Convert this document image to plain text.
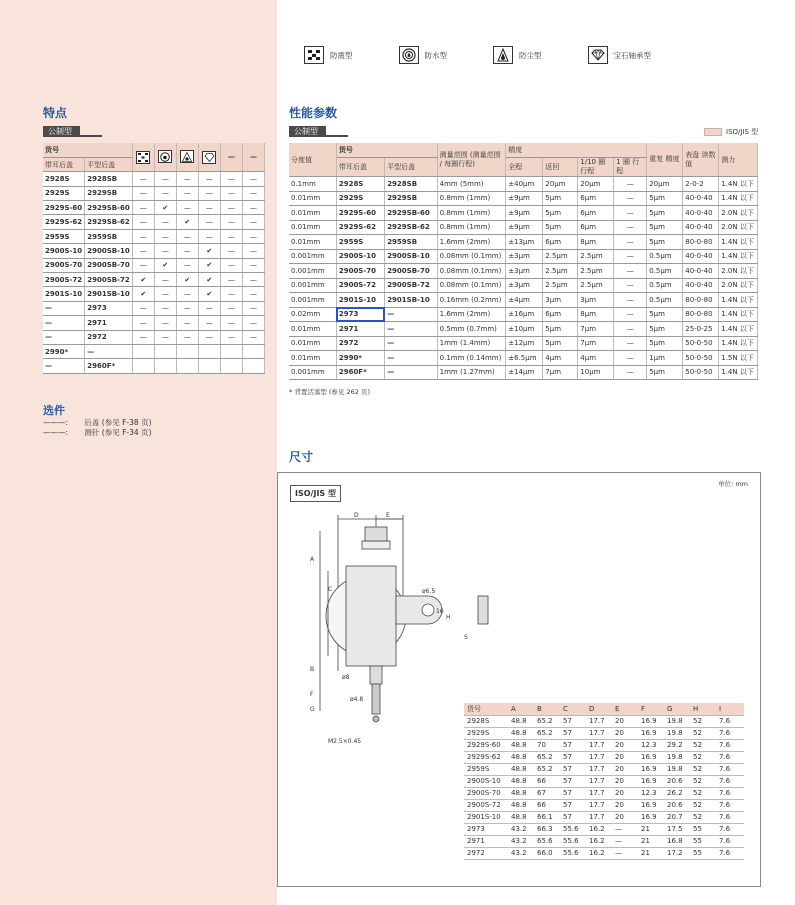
防震型	防水型	防尘型	宝石轴承型
特点
公制型
货号						—	—
带耳后盖	平型后盖						
2928S	2928SB	—	—	—	—	—	—
2929S	2929SB	—	—	—	—	—	—
2929S-60	2929SB-60	—	✔	—	—	—	—
2929S-62	2929SB-62	—	—	✔	—	—	—
2959S	2959SB	—	—	—	—	—	—
2900S-10	2900SB-10	—	—	—	✔	—	—
2900S-70	2900SB-70	—	✔	—	✔	—	—
2900S-72	2900SB-72	✔	—	✔	✔	—	—
2901S-10	2901SB-10	✔	—	—	✔	—	—
—	2973	—	—	—	—	—	—
—	2971	—	—	—	—	—	—
—	2972	—	—	—	—	—	—
2990*	—						
—	2960F*						
选件
———: 后盖 (参见 F-38 页)
———: 测针 (参见 F-34 页)
性能参数
公制型	ISO/JIS 型
分度值	货号		测量范围 (测量范围 / 每圈行程)	精度				重复 精度	表盘 读数值	测力
	带耳后盖	平型后盖		全程	返回	1/10 圈 行程	1 圈 行程			

0.1mm	2928S	2928SB	4mm (5mm)	±40μm	20μm	20μm	—	20μm	2-0-2	1.4N 以下
0.01mm	2929S	2929SB	0.8mm (1mm)	±9μm	5μm	6μm	—	5μm	40-0-40	1.4N 以下
0.01mm	2929S-60	2929SB-60	0.8mm (1mm)	±9μm	5μm	6μm	—	5μm	40-0-40	2.0N 以下
0.01mm	2929S-62	2929SB-62	0.8mm (1mm)	±9μm	5μm	6μm	—	5μm	40-0-40	2.0N 以下
0.01mm	2959S	2959SB	1.6mm (2mm)	±13μm	6μm	8μm	—	5μm	80-0-80	1.4N 以下
0.001mm	2900S-10	2900SB-10	0.08mm (0.1mm)	±3μm	2.5μm	2.5μm	—	0.5μm	40-0-40	1.4N 以下
0.001mm	2900S-70	2900SB-70	0.08mm (0.1mm)	±3μm	2.5μm	2.5μm	—	0.5μm	40-0-40	2.0N 以下
0.001mm	2900S-72	2900SB-72	0.08mm (0.1mm)	±3μm	2.5μm	2.5μm	—	0.5μm	40-0-40	2.0N 以下
0.001mm	2901S-10	2901SB-10	0.16mm (0.2mm)	±4μm	3μm	3μm	—	0.5μm	80-0-80	1.4N 以下
0.02mm	2973	—	1.6mm (2mm)	±16μm	6μm	8μm	—	5μm	80-0-80	1.4N 以下
0.01mm	2971	—	0.5mm (0.7mm)	±10μm	5μm	7μm	—	5μm	25-0-25	1.4N 以下
0.01mm	2972	—	1mm (1.4mm)	±12μm	5μm	7μm	—	5μm	50-0-50	1.4N 以下
0.01mm	2990*	—	0.1mm (0.14mm)	±6.5μm	4μm	4μm	—	1μm	50-0-50	1.5N 以下
0.001mm	2960F*	—	1mm (1.27mm)	±14μm	7μm	10μm	—	5μm	50-0-50	1.4N 以下
* 背置活塞型 (参见 262 页)
尺寸
ISO/JIS 型
单位: mm
D	E
A
B
C
F
G
ø6.5
H
16
S
ø8
ø4.8
M2.5×0.45
货号	A	B	C	D	E	F	G	H	I
2928S	48.8	65.2	57	17.7	20	16.9	19.8	52	7.6
2929S	48.8	65.2	57	17.7	20	16.9	19.8	52	7.6
2929S-60	48.8	70	57	17.7	20	12.3	29.2	52	7.6
2929S-62	48.8	65.2	57	17.7	20	16.9	19.8	52	7.6
2959S	48.8	65.2	57	17.7	20	16.9	19.8	52	7.6
2900S-10	48.8	66	57	17.7	20	16.9	20.6	52	7.6
2900S-70	48.8	67	57	17.7	20	12.3	26.2	52	7.6
2900S-72	48.8	66	57	17.7	20	16.9	20.6	52	7.6
2901S-10	48.8	66.1	57	17.7	20	16.9	20.7	52	7.6
2973	43.2	66.3	55.6	16.2	—	21	17.5	55	7.6
2971	43.2	65.6	55.6	16.2	—	21	16.8	55	7.6
2972	43.2	66.0	55.6	16.2	—	21	17.2	55	7.6
